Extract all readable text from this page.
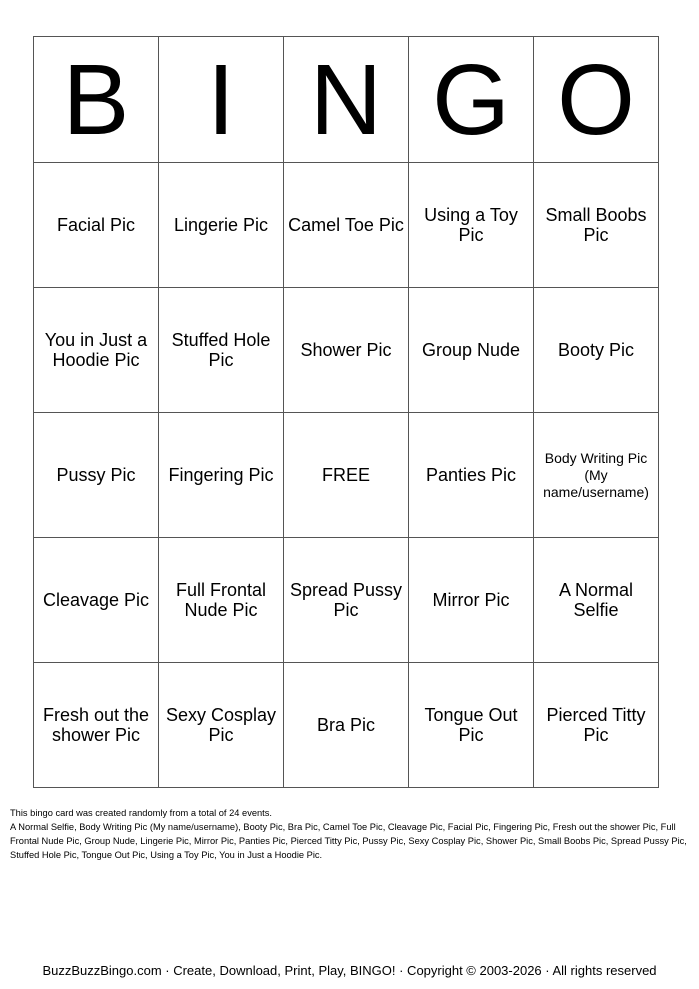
B	I	N	G	O
Facial Pic	Lingerie Pic	Camel Toe Pic	Using a Toy Pic	Small Boobs Pic
You in Just a Hoodie Pic	Stuffed Hole Pic	Shower Pic	Group Nude	Booty Pic
Pussy Pic	Fingering Pic	FREE	Panties Pic	Body Writing Pic (My name/username)
Cleavage Pic	Full Frontal Nude Pic	Spread Pussy Pic	Mirror Pic	A Normal Selfie
Fresh out the shower Pic	Sexy Cosplay Pic	Bra Pic	Tongue Out Pic	Pierced Titty Pic
This bingo card was created randomly from a total of 24 events.
A Normal Selfie, Body Writing Pic (My name/username), Booty Pic, Bra Pic, Camel Toe Pic, Cleavage Pic, Facial Pic, Fingering Pic, Fresh out the shower Pic, Full Frontal Nude Pic, Group Nude, Lingerie Pic, Mirror Pic, Panties Pic, Pierced Titty Pic, Pussy Pic, Sexy Cosplay Pic, Shower Pic, Small Boobs Pic, Spread Pussy Pic, Stuffed Hole Pic, Tongue Out Pic, Using a Toy Pic, You in Just a Hoodie Pic.
BuzzBuzzBingo.com · Create, Download, Print, Play, BINGO! · Copyright © 2003-2026 · All rights reserved
